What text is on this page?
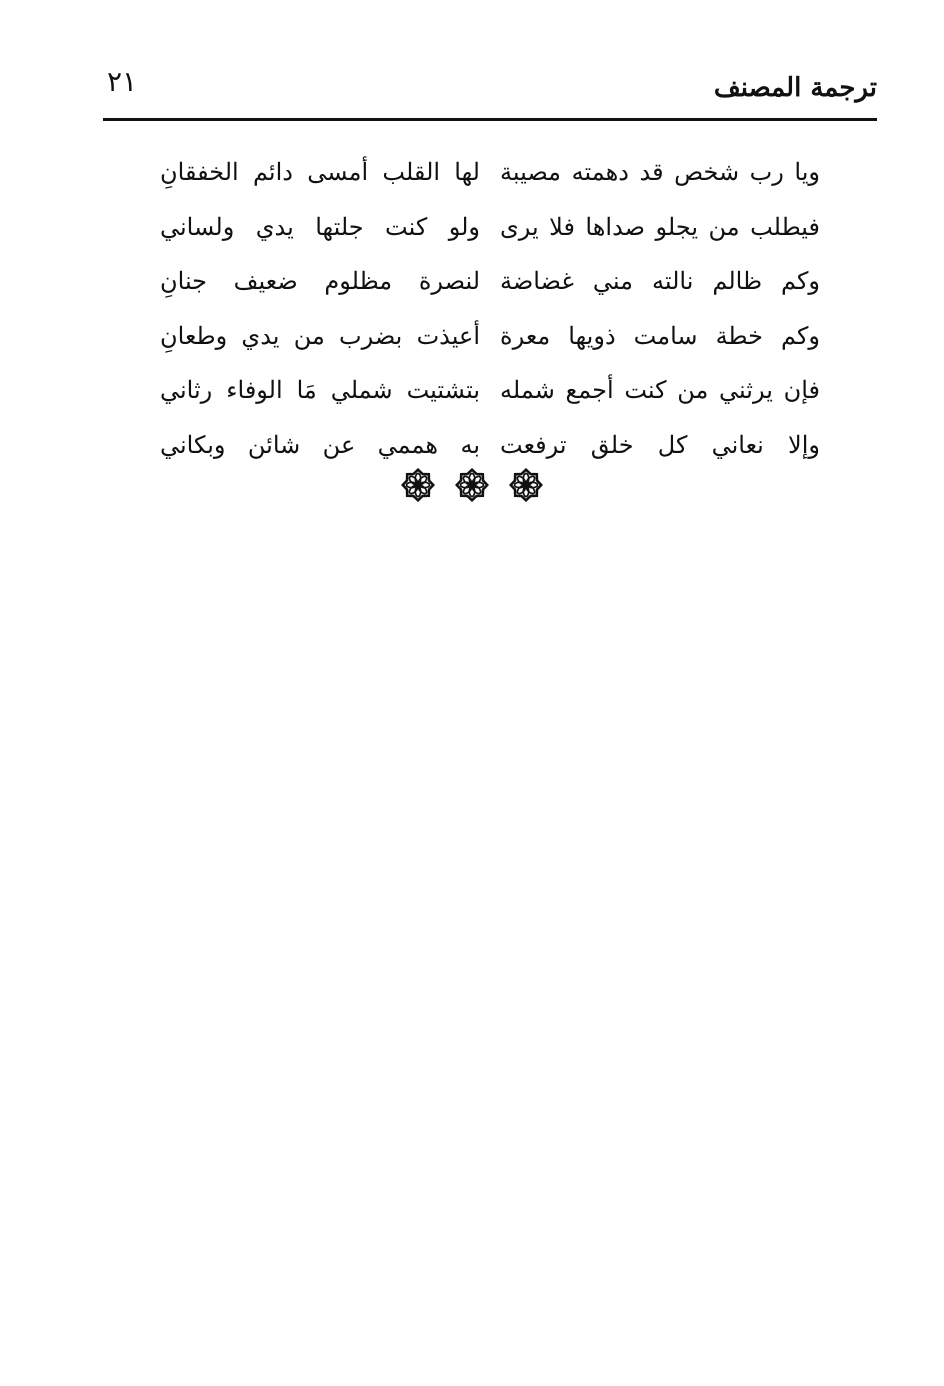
٢١	ترجمة المصنف
ويا رب شخص قد دهمته مصيبة
لها القلب أمسى دائم الخفقانِ
فيطلب من يجلو صداها فلا يرى
ولو كنت جلتها يدي ولساني
وكم ظالم نالته مني غضاضة
لنصرة مظلوم ضعيف جنانِ
وكم خطة سامت ذويها معرة
أعيذت بضرب من يدي وطعانِ
فإن يرثني من كنت أجمع شمله
بتشتيت شملي مَا الوفاء رثاني
وإلا نعاني كل خلق ترفعت
به هممي عن شائن وبكاني
